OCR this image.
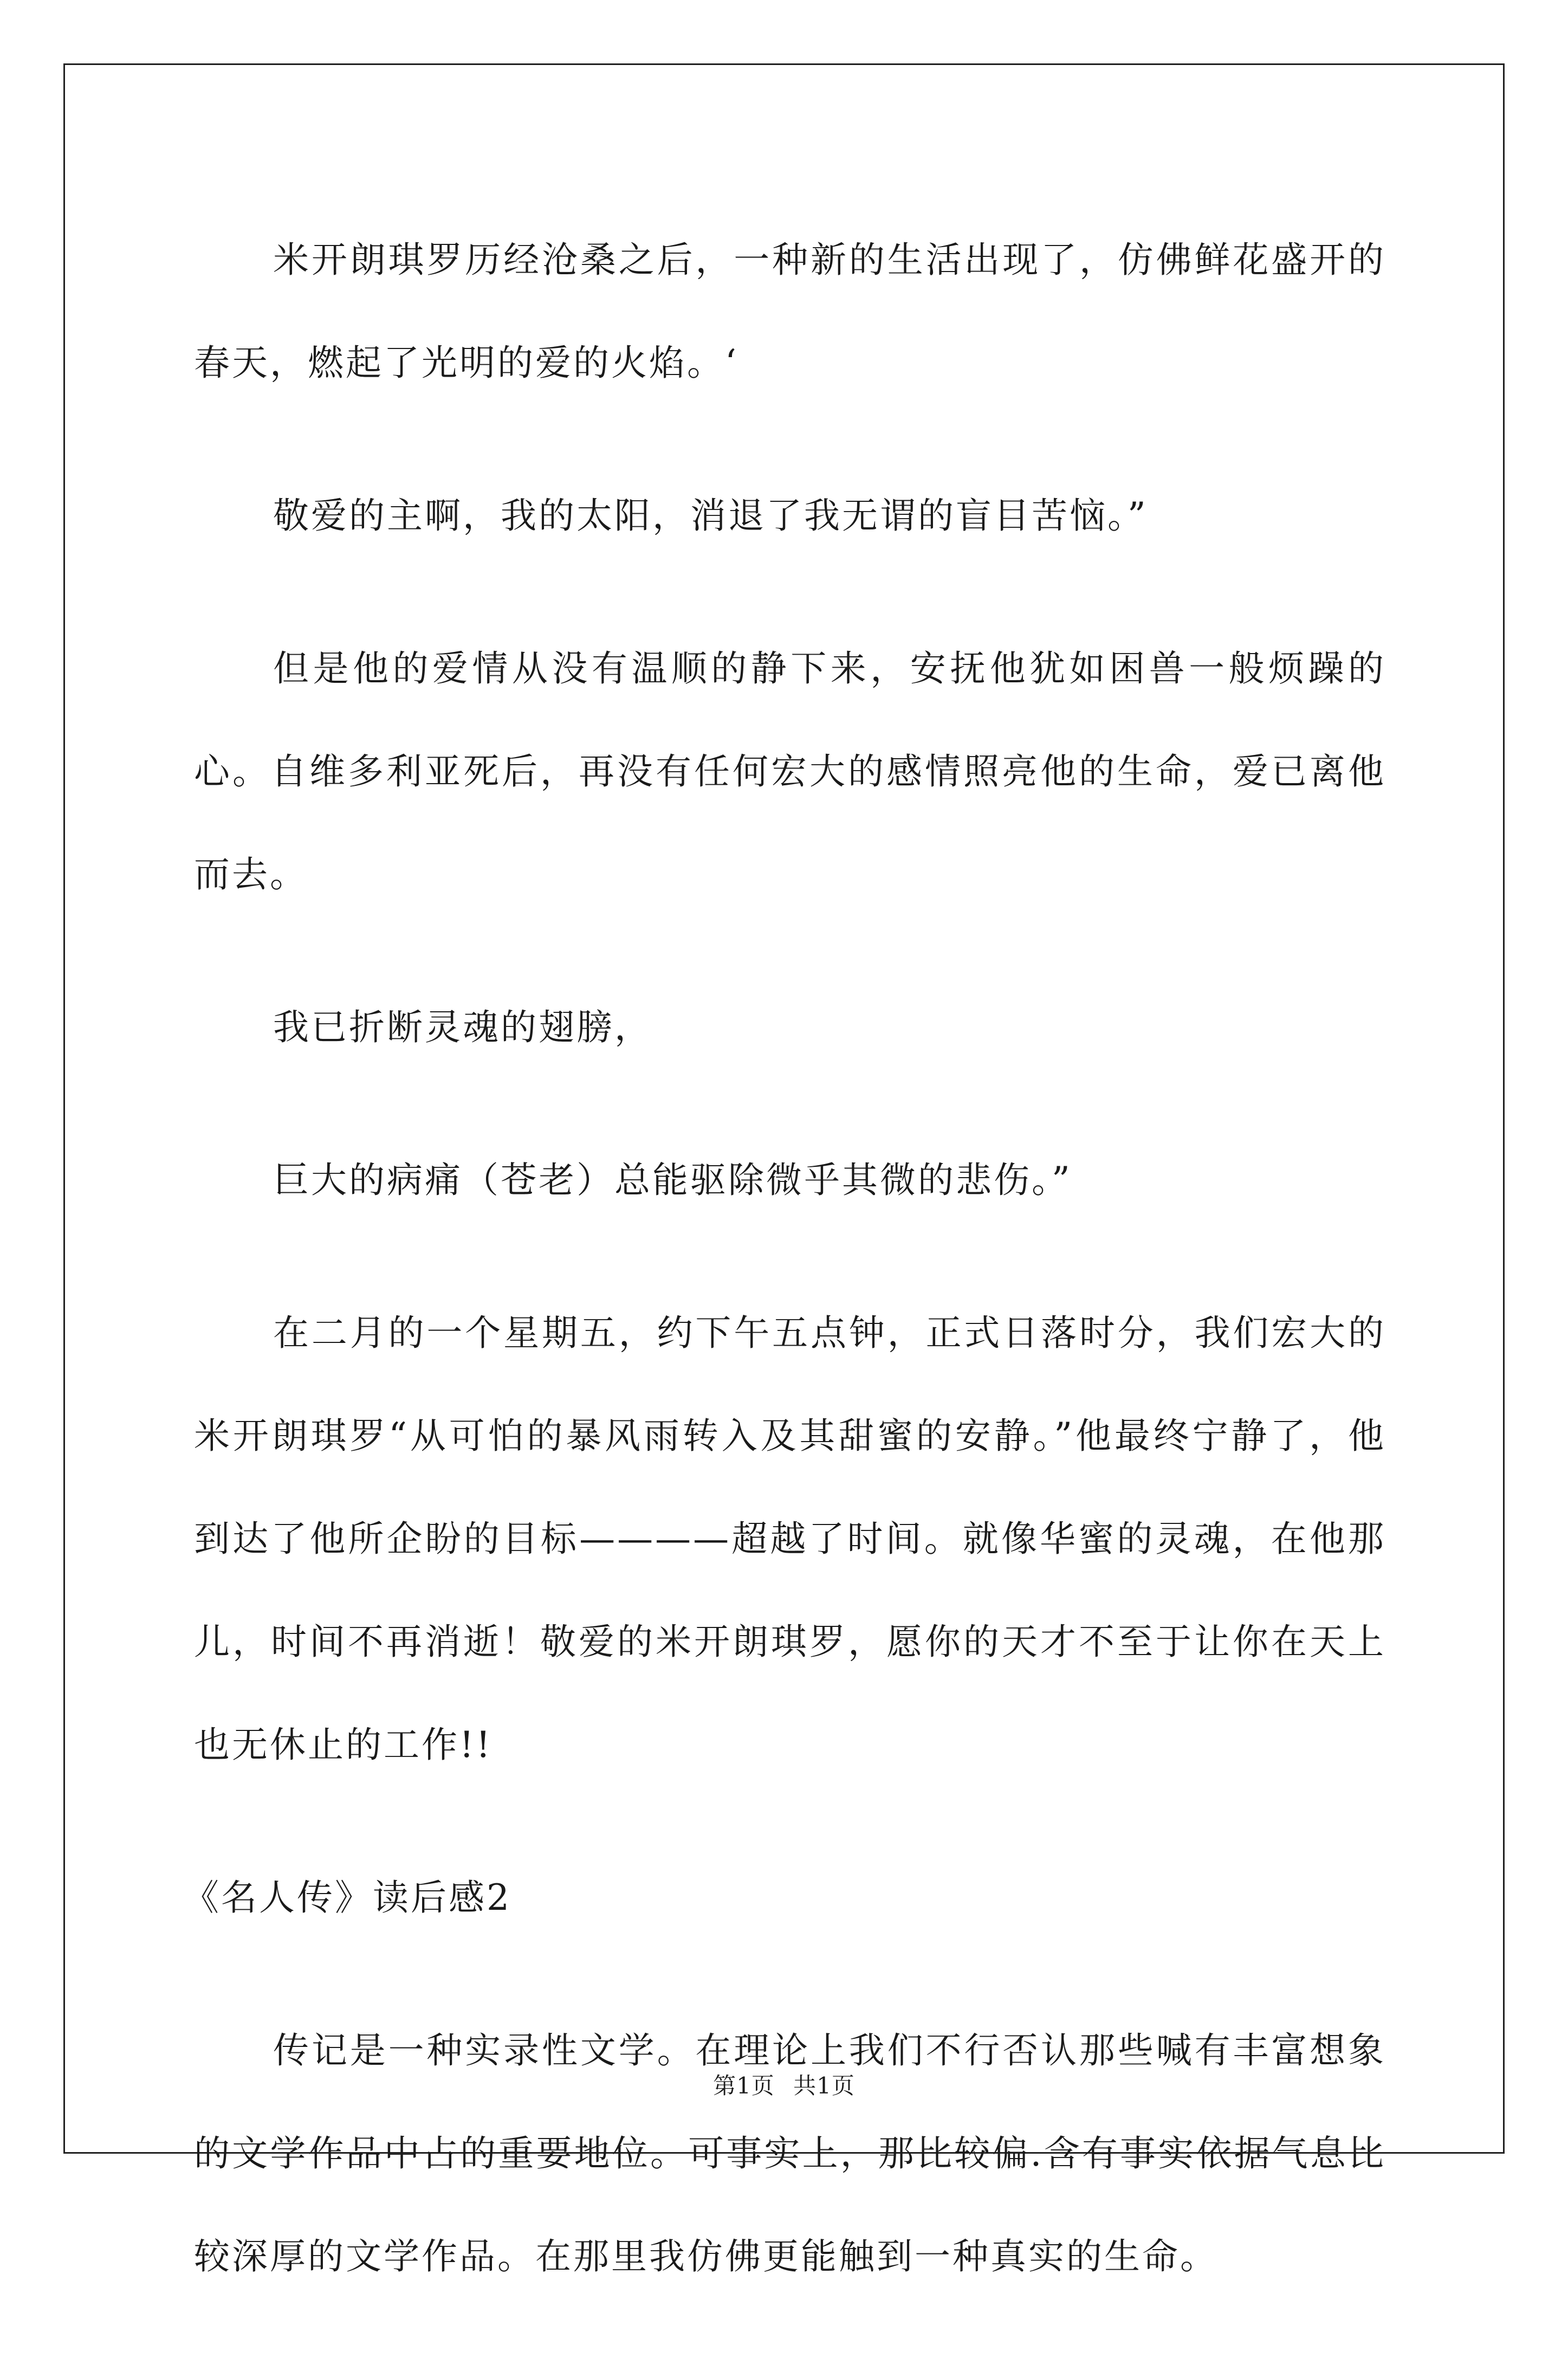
米开朗琪罗历经沧桑之后，一种新的生活出现了，仿佛鲜花盛开的春天，燃起了光明的爱的火焰。‘

敬爱的主啊，我的太阳，消退了我无谓的盲目苦恼。”

但是他的爱情从没有温顺的静下来，安抚他犹如困兽一般烦躁的心。自维多利亚死后，再没有任何宏大的感情照亮他的生命，爱已离他而去。

我已折断灵魂的翅膀，

巨大的病痛（苍老）总能驱除微乎其微的悲伤。”

在二月的一个星期五，约下午五点钟，正式日落时分，我们宏大的米开朗琪罗“从可怕的暴风雨转入及其甜蜜的安静。”他最终宁静了，他到达了他所企盼的目标————超越了时间。就像华蜜的灵魂，在他那儿，时间不再消逝！敬爱的米开朗琪罗，愿你的天才不至于让你在天上也无休止的工作!!

《名人传》读后感2

传记是一种实录性文学。在理论上我们不行否认那些喊有丰富想象的文学作品中占的重要地位。可事实上，那比较偏.含有事实依据气息比较深厚的文学作品。在那里我仿佛更能触到一种真实的生命。

第1页 共1页
